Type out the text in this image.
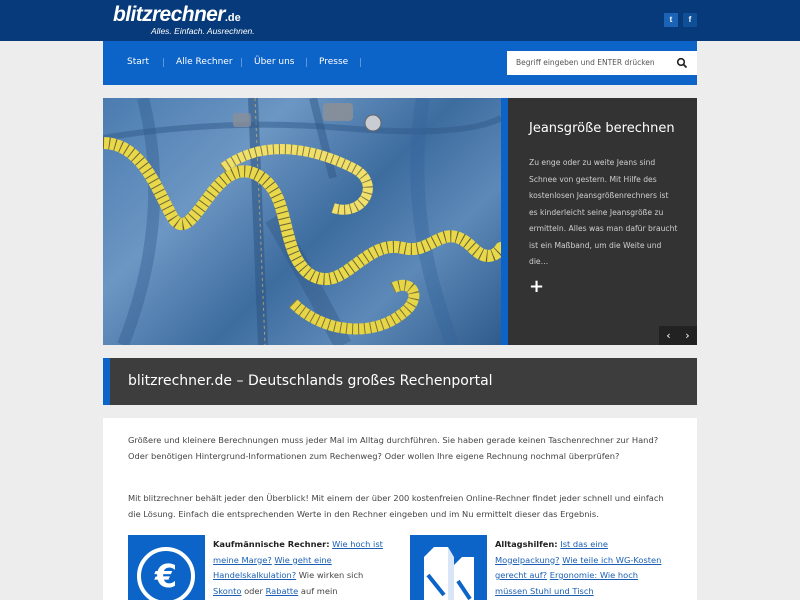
blitzrechner.de
Alles. Einfach. Ausrechnen.
t	f
Start	Alle Rechner Über uns	Presse	Begriff eingeben und ENTER drücken
Jeansgröße berechnen
Zu enge oder zu weite Jeans sind Schnee von gestern. Mit Hilfe des kostenlosen Jeansgrößenrechners ist es kinderleicht seine Jeansgröße zu ermitteln. Alles was man dafür braucht ist ein Maßband, um die Weite und die…
+
‹	›
blitzrechner.de – Deutschlands großes Rechenportal

Größere und kleinere Berechnungen muss jeder Mal im Alltag durchführen. Sie haben gerade keinen Taschenrechner zur Hand? Oder benötigen Hintergrund-Informationen zum Rechenweg? Oder wollen Ihre eigene Rechnung nochmal überprüfen?

Mit blitzrechner behält jeder den Überblick! Mit einem der über 200 kostenfreien Online-Rechner findet jeder schnell und einfach die Lösung. Einfach die entsprechenden Werte in den Rechner eingeben und im Nu ermittelt dieser das Ergebnis.

€
Kaufmännische Rechner: Wie hoch ist meine Marge? Wie geht eine Handelskalkulation? Wie wirken sich Skonto oder Rabatte auf mein
Alltagshilfen: Ist das eine Mogelpackung? Wie teile ich WG-Kosten gerecht auf? Ergonomie: Wie hoch müssen Stuhl und Tisch
